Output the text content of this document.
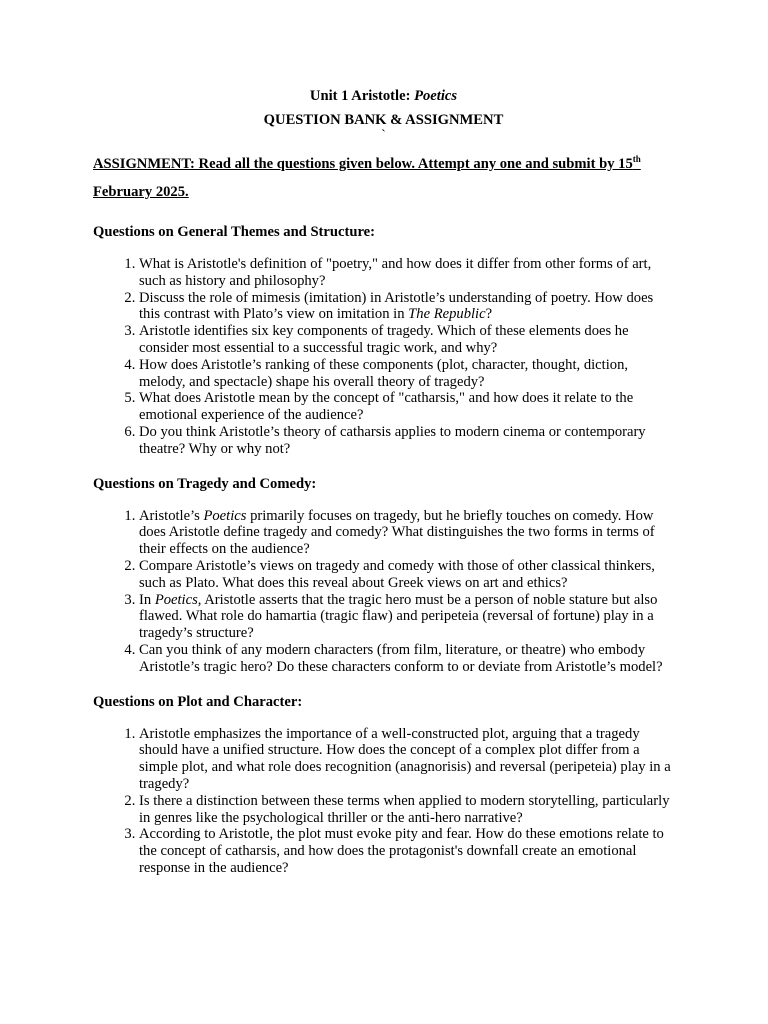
Unit 1 Aristotle: Poetics

QUESTION BANK & ASSIGNMENT

`

ASSIGNMENT: Read all the questions given below. Attempt any one and submit by 15th
February 2025.

Questions on General Themes and Structure:

1. What is Aristotle's definition of "poetry," and how does it differ from other forms of art, such as history and philosophy?
2. Discuss the role of mimesis (imitation) in Aristotle’s understanding of poetry. How does this contrast with Plato’s view on imitation in The Republic?
3. Aristotle identifies six key components of tragedy. Which of these elements does he consider most essential to a successful tragic work, and why?
4. How does Aristotle’s ranking of these components (plot, character, thought, diction, melody, and spectacle) shape his overall theory of tragedy?
5. What does Aristotle mean by the concept of "catharsis," and how does it relate to the emotional experience of the audience?
6. Do you think Aristotle’s theory of catharsis applies to modern cinema or contemporary theatre? Why or why not?

Questions on Tragedy and Comedy:

1. Aristotle’s Poetics primarily focuses on tragedy, but he briefly touches on comedy. How does Aristotle define tragedy and comedy? What distinguishes the two forms in terms of their effects on the audience?
2. Compare Aristotle’s views on tragedy and comedy with those of other classical thinkers, such as Plato. What does this reveal about Greek views on art and ethics?
3. In Poetics, Aristotle asserts that the tragic hero must be a person of noble stature but also flawed. What role do hamartia (tragic flaw) and peripeteia (reversal of fortune) play in a tragedy’s structure?
4. Can you think of any modern characters (from film, literature, or theatre) who embody Aristotle’s tragic hero? Do these characters conform to or deviate from Aristotle’s model?

Questions on Plot and Character:

1. Aristotle emphasizes the importance of a well-constructed plot, arguing that a tragedy should have a unified structure. How does the concept of a complex plot differ from a simple plot, and what role does recognition (anagnorisis) and reversal (peripeteia) play in a tragedy?
2. Is there a distinction between these terms when applied to modern storytelling, particularly in genres like the psychological thriller or the anti-hero narrative?
3. According to Aristotle, the plot must evoke pity and fear. How do these emotions relate to the concept of catharsis, and how does the protagonist's downfall create an emotional response in the audience?
